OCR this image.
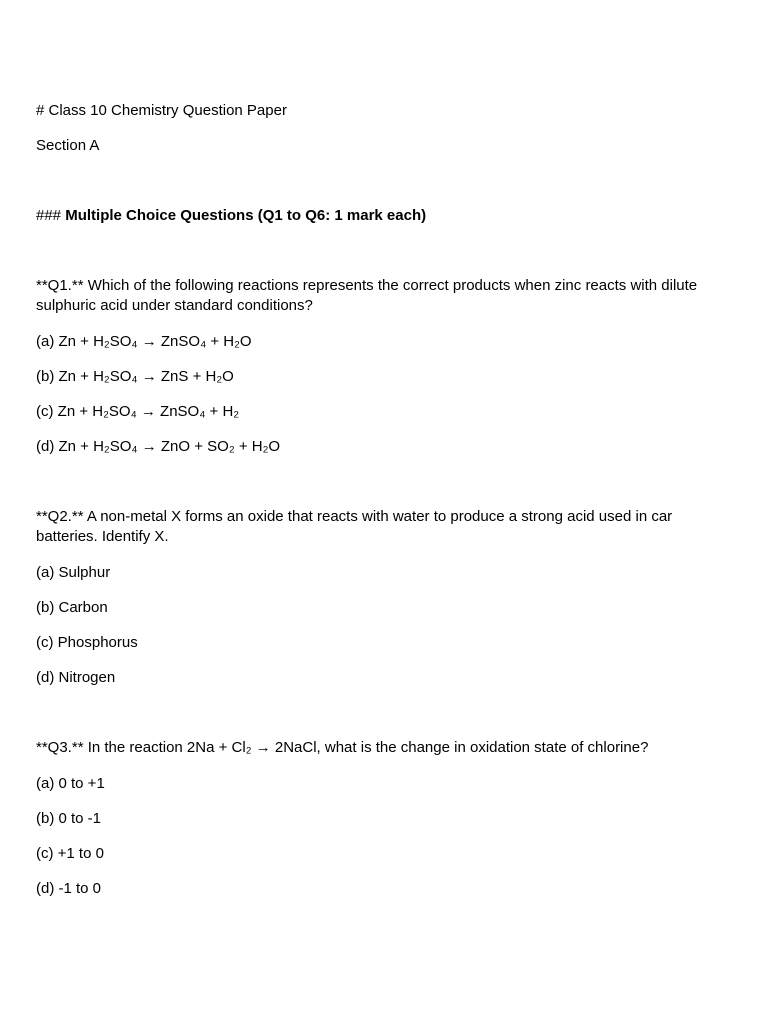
# Class 10 Chemistry Question Paper

Section A

### Multiple Choice Questions (Q1 to Q6: 1 mark each)

**Q1.** Which of the following reactions represents the correct products when zinc reacts with dilute sulphuric acid under standard conditions?

(a) Zn + H₂SO₄ → ZnSO₄ + H₂O

(b) Zn + H₂SO₄ → ZnS + H₂O

(c) Zn + H₂SO₄ → ZnSO₄ + H₂

(d) Zn + H₂SO₄ → ZnO + SO₂ + H₂O

**Q2.** A non-metal X forms an oxide that reacts with water to produce a strong acid used in car batteries. Identify X.

(a) Sulphur

(b) Carbon

(c) Phosphorus

(d) Nitrogen

**Q3.** In the reaction 2Na + Cl₂ → 2NaCl, what is the change in oxidation state of chlorine?

(a) 0 to +1

(b) 0 to -1

(c) +1 to 0

(d) -1 to 0
